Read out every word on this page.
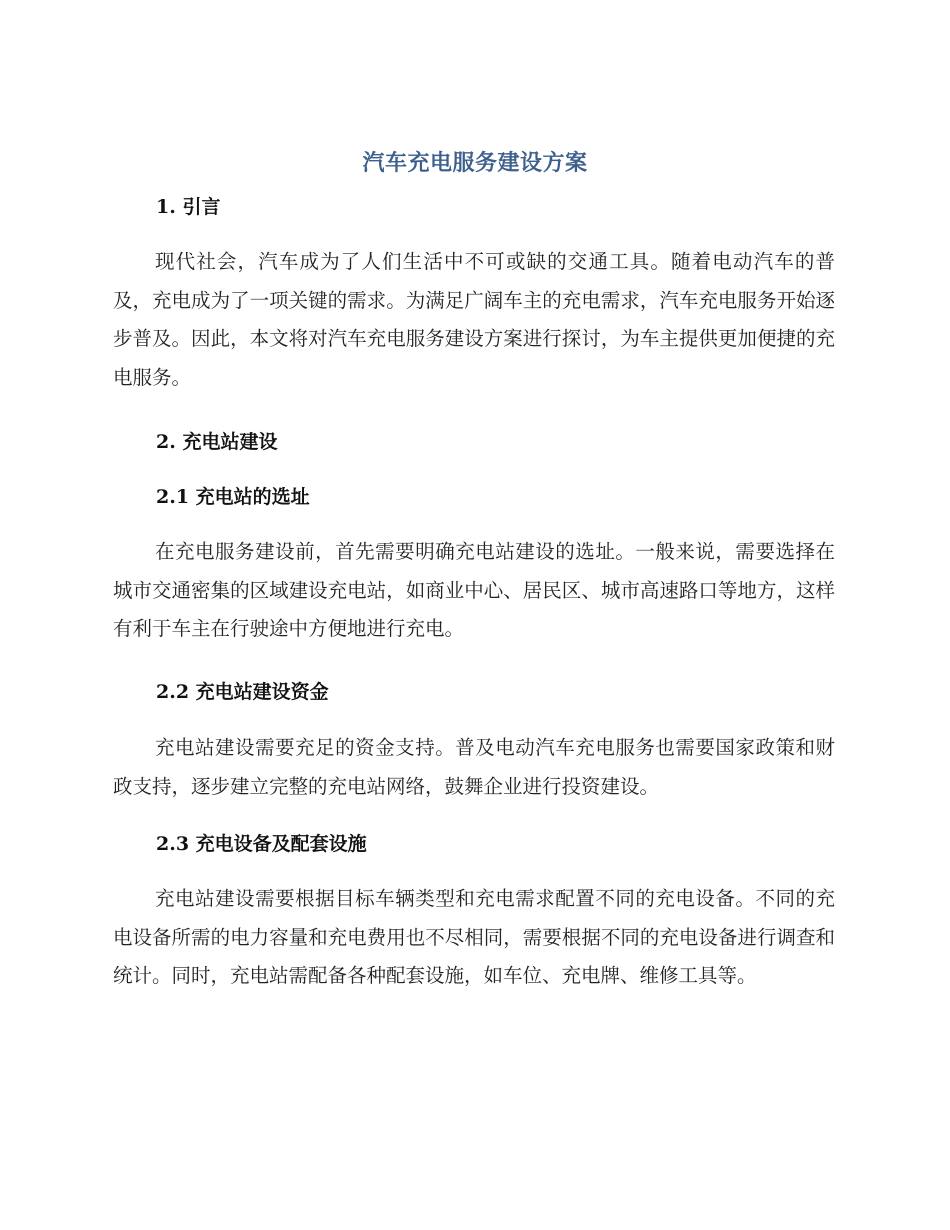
汽车充电服务建设方案
1. 引言

现代社会，汽车成为了人们生活中不可或缺的交通工具。随着电动汽车的普及，充电成为了一项关键的需求。为满足广阔车主的充电需求，汽车充电服务开始逐步普及。因此，本文将对汽车充电服务建设方案进行探讨，为车主提供更加便捷的充电服务。

2. 充电站建设
2.1 充电站的选址

在充电服务建设前，首先需要明确充电站建设的选址。一般来说，需要选择在城市交通密集的区域建设充电站，如商业中心、居民区、城市高速路口等地方，这样有利于车主在行驶途中方便地进行充电。

2.2 充电站建设资金

充电站建设需要充足的资金支持。普及电动汽车充电服务也需要国家政策和财政支持，逐步建立完整的充电站网络，鼓舞企业进行投资建设。

2.3 充电设备及配套设施

充电站建设需要根据目标车辆类型和充电需求配置不同的充电设备。不同的充电设备所需的电力容量和充电费用也不尽相同，需要根据不同的充电设备进行调查和统计。同时，充电站需配备各种配套设施，如车位、充电牌、维修工具等。
